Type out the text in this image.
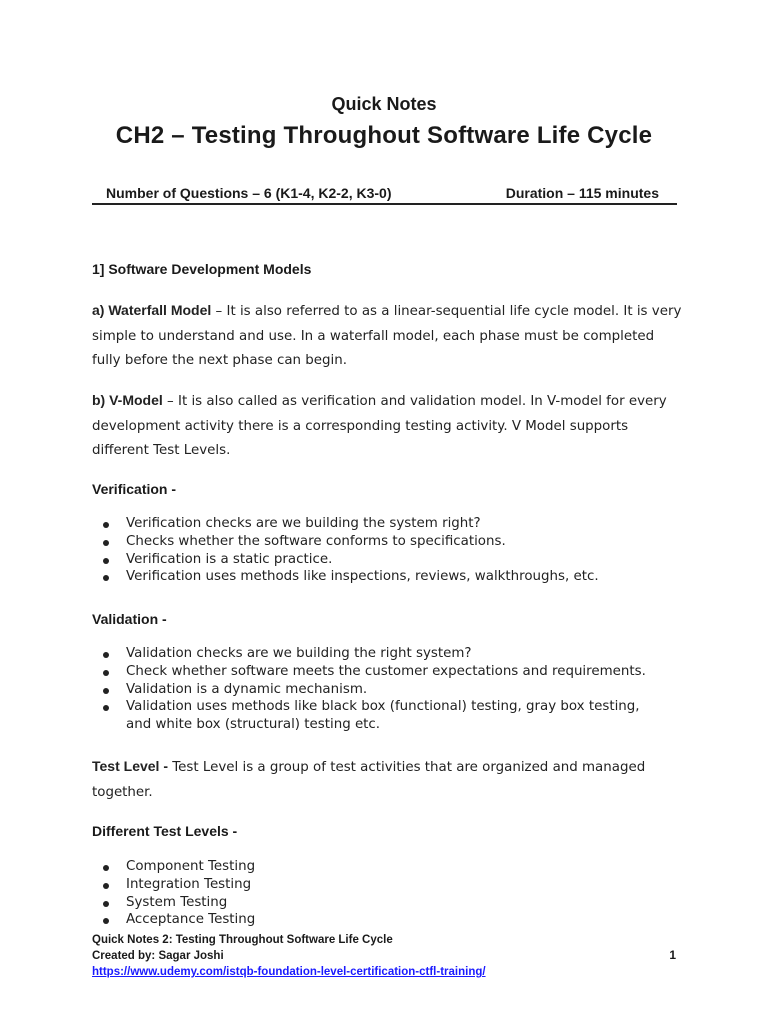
Quick Notes
CH2 – Testing Throughout Software Life Cycle
Number of Questions – 6 (K1-4, K2-2, K3-0)	Duration – 115 minutes
1] Software Development Models
a) Waterfall Model – It is also referred to as a linear-sequential life cycle model. It is very simple to understand and use. In a waterfall model, each phase must be completed fully before the next phase can begin.
b) V-Model – It is also called as verification and validation model. In V-model for every development activity there is a corresponding testing activity. V Model supports different Test Levels.
Verification -
Verification checks are we building the system right?
Checks whether the software conforms to specifications.
Verification is a static practice.
Verification uses methods like inspections, reviews, walkthroughs, etc.
Validation -
Validation checks are we building the right system?
Check whether software meets the customer expectations and requirements.
Validation is a dynamic mechanism.
Validation uses methods like black box (functional) testing, gray box testing, and white box (structural) testing etc.
Test Level - Test Level is a group of test activities that are organized and managed together.
Different Test Levels -
Component Testing
Integration Testing
System Testing
Acceptance Testing
Quick Notes 2: Testing Throughout Software Life Cycle
Created by: Sagar Joshi
https://www.udemy.com/istqb-foundation-level-certification-ctfl-training/
1
